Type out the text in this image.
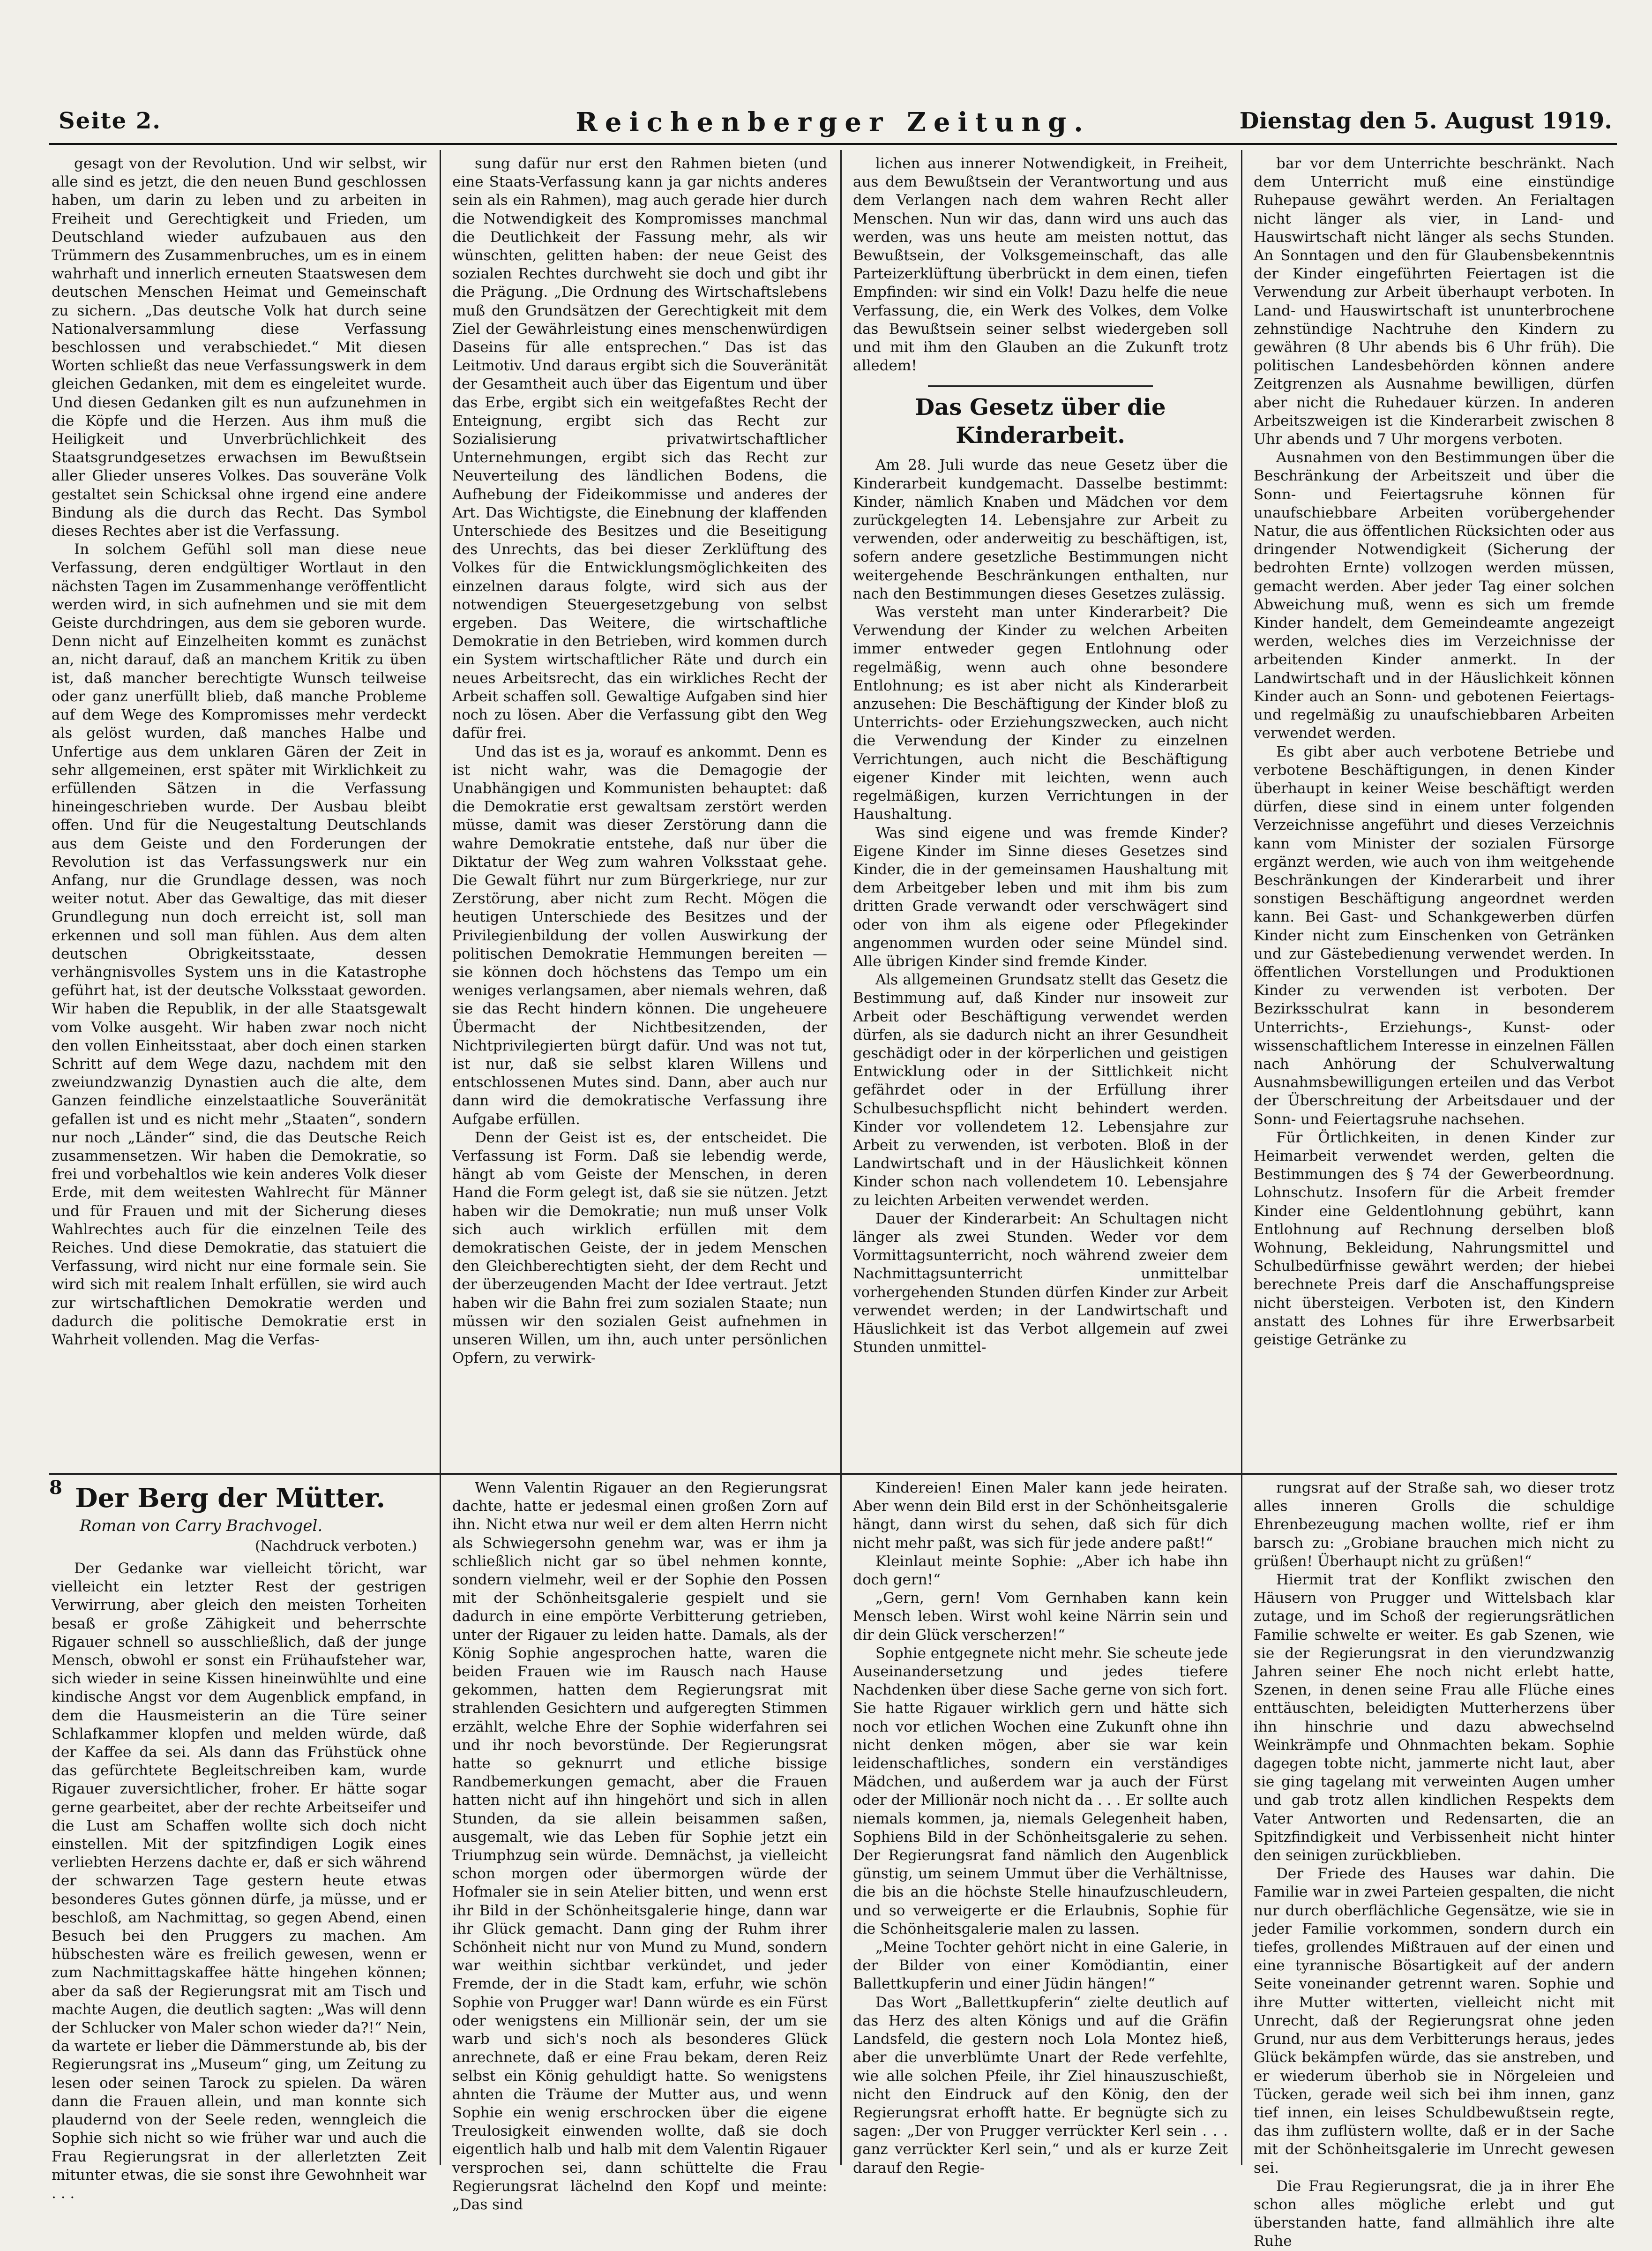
Seite 2.	Reichenberger Zeitung.	Dienstag den 5. August 1919.

gesagt von der Revolution. Und wir selbst, wir alle sind es jetzt, die den neuen Bund geschlossen haben, um darin zu leben und zu arbeiten in Freiheit und Gerechtigkeit und Frieden, um Deutschland wieder aufzubauen aus den Trümmern des Zusammenbruches, um es in einem wahrhaft und innerlich erneuten Staatswesen dem deutschen Menschen Heimat und Gemeinschaft zu sichern. „Das deutsche Volk hat durch seine Nationalversammlung diese Verfassung beschlossen und verabschiedet.“ Mit diesen Worten schließt das neue Verfassungswerk in dem gleichen Gedanken, mit dem es eingeleitet wurde. Und diesen Gedanken gilt es nun aufzunehmen in die Köpfe und die Herzen. Aus ihm muß die Heiligkeit und Unverbrüchlichkeit des Staatsgrundgesetzes erwachsen im Bewußtsein aller Glieder unseres Volkes. Das souveräne Volk gestaltet sein Schicksal ohne irgend eine andere Bindung als die durch das Recht. Das Symbol dieses Rechtes aber ist die Verfassung.

In solchem Gefühl soll man diese neue Verfassung, deren endgültiger Wortlaut in den nächsten Tagen im Zusammenhange veröffentlicht werden wird, in sich aufnehmen und sie mit dem Geiste durchdringen, aus dem sie geboren wurde. Denn nicht auf Einzelheiten kommt es zunächst an, nicht darauf, daß an manchem Kritik zu üben ist, daß mancher berechtigte Wunsch teilweise oder ganz unerfüllt blieb, daß manche Probleme auf dem Wege des Kompromisses mehr verdeckt als gelöst wurden, daß manches Halbe und Unfertige aus dem unklaren Gären der Zeit in sehr allgemeinen, erst später mit Wirklichkeit zu erfüllenden Sätzen in die Verfassung hineingeschrieben wurde. Der Ausbau bleibt offen. Und für die Neugestaltung Deutschlands aus dem Geiste und den Forderungen der Revolution ist das Verfassungswerk nur ein Anfang, nur die Grundlage dessen, was noch weiter notut. Aber das Gewaltige, das mit dieser Grundlegung nun doch erreicht ist, soll man erkennen und soll man fühlen. Aus dem alten deutschen Obrigkeitsstaate, dessen verhängnisvolles System uns in die Katastrophe geführt hat, ist der deutsche Volksstaat geworden. Wir haben die Republik, in der alle Staatsgewalt vom Volke ausgeht. Wir haben zwar noch nicht den vollen Einheitsstaat, aber doch einen starken Schritt auf dem Wege dazu, nachdem mit den zweiundzwanzig Dynastien auch die alte, dem Ganzen feindliche einzelstaatliche Souveränität gefallen ist und es nicht mehr „Staaten“, sondern nur noch „Länder“ sind, die das Deutsche Reich zusammensetzen. Wir haben die Demokratie, so frei und vorbehaltlos wie kein anderes Volk dieser Erde, mit dem weitesten Wahlrecht für Männer und für Frauen und mit der Sicherung dieses Wahlrechtes auch für die einzelnen Teile des Reiches. Und diese Demokratie, das statuiert die Verfassung, wird nicht nur eine formale sein. Sie wird sich mit realem Inhalt erfüllen, sie wird auch zur wirtschaftlichen Demokratie werden und dadurch die politische Demokratie erst in Wahrheit vollenden. Mag die Verfas-

sung dafür nur erst den Rahmen bieten (und eine Staats-Verfassung kann ja gar nichts anderes sein als ein Rahmen), mag auch gerade hier durch die Notwendigkeit des Kompromisses manchmal die Deutlichkeit der Fassung mehr, als wir wünschten, gelitten haben: der neue Geist des sozialen Rechtes durchweht sie doch und gibt ihr die Prägung. „Die Ordnung des Wirtschaftslebens muß den Grundsätzen der Gerechtigkeit mit dem Ziel der Gewährleistung eines menschenwürdigen Daseins für alle entsprechen.“ Das ist das Leitmotiv. Und daraus ergibt sich die Souveränität der Gesamtheit auch über das Eigentum und über das Erbe, ergibt sich ein weitgefaßtes Recht der Enteignung, ergibt sich das Recht zur Sozialisierung privatwirtschaftlicher Unternehmungen, ergibt sich das Recht zur Neuverteilung des ländlichen Bodens, die Aufhebung der Fideikommisse und anderes der Art. Das Wichtigste, die Einebnung der klaffenden Unterschiede des Besitzes und die Beseitigung des Unrechts, das bei dieser Zerklüftung des Volkes für die Entwicklungsmöglichkeiten des einzelnen daraus folgte, wird sich aus der notwendigen Steuergesetzgebung von selbst ergeben. Das Weitere, die wirtschaftliche Demokratie in den Betrieben, wird kommen durch ein System wirtschaftlicher Räte und durch ein neues Arbeitsrecht, das ein wirkliches Recht der Arbeit schaffen soll. Gewaltige Aufgaben sind hier noch zu lösen. Aber die Verfassung gibt den Weg dafür frei.

Und das ist es ja, worauf es ankommt. Denn es ist nicht wahr, was die Demagogie der Unabhängigen und Kommunisten behauptet: daß die Demokratie erst gewaltsam zerstört werden müsse, damit was dieser Zerstörung dann die wahre Demokratie entstehe, daß nur über die Diktatur der Weg zum wahren Volksstaat gehe. Die Gewalt führt nur zum Bürgerkriege, nur zur Zerstörung, aber nicht zum Recht. Mögen die heutigen Unterschiede des Besitzes und der Privilegienbildung der vollen Auswirkung der politischen Demokratie Hemmungen bereiten — sie können doch höchstens das Tempo um ein weniges verlangsamen, aber niemals wehren, daß sie das Recht hindern können. Die ungeheuere Übermacht der Nichtbesitzenden, der Nichtprivilegierten bürgt dafür. Und was not tut, ist nur, daß sie selbst klaren Willens und entschlossenen Mutes sind. Dann, aber auch nur dann wird die demokratische Verfassung ihre Aufgabe erfüllen.

Denn der Geist ist es, der entscheidet. Die Verfassung ist Form. Daß sie lebendig werde, hängt ab vom Geiste der Menschen, in deren Hand die Form gelegt ist, daß sie sie nützen. Jetzt haben wir die Demokratie; nun muß unser Volk sich auch wirklich erfüllen mit dem demokratischen Geiste, der in jedem Menschen den Gleichberechtigten sieht, der dem Recht und der überzeugenden Macht der Idee vertraut. Jetzt haben wir die Bahn frei zum sozialen Staate; nun müssen wir den sozialen Geist aufnehmen in unseren Willen, um ihn, auch unter persönlichen Opfern, zu verwirk-

lichen aus innerer Notwendigkeit, in Freiheit, aus dem Bewußtsein der Verantwortung und aus dem Verlangen nach dem wahren Recht aller Menschen. Nun wir das, dann wird uns auch das werden, was uns heute am meisten nottut, das Bewußtsein, der Volksgemeinschaft, das alle Parteizerklüftung überbrückt in dem einen, tiefen Empfinden: wir sind ein Volk! Dazu helfe die neue Verfassung, die, ein Werk des Volkes, dem Volke das Bewußtsein seiner selbst wiedergeben soll und mit ihm den Glauben an die Zukunft trotz alledem!

Das Gesetz über die Kinderarbeit.

Am 28. Juli wurde das neue Gesetz über die Kinderarbeit kundgemacht. Dasselbe bestimmt: Kinder, nämlich Knaben und Mädchen vor dem zurückgelegten 14. Lebensjahre zur Arbeit zu verwenden, oder anderweitig zu beschäftigen, ist, sofern andere gesetzliche Bestimmungen nicht weitergehende Beschränkungen enthalten, nur nach den Bestimmungen dieses Gesetzes zulässig.

Was versteht man unter Kinderarbeit? Die Verwendung der Kinder zu welchen Arbeiten immer entweder gegen Entlohnung oder regelmäßig, wenn auch ohne besondere Entlohnung; es ist aber nicht als Kinderarbeit anzusehen: Die Beschäftigung der Kinder bloß zu Unterrichts- oder Erziehungszwecken, auch nicht die Verwendung der Kinder zu einzelnen Verrichtungen, auch nicht die Beschäftigung eigener Kinder mit leichten, wenn auch regelmäßigen, kurzen Verrichtungen in der Haushaltung.

Was sind eigene und was fremde Kinder? Eigene Kinder im Sinne dieses Gesetzes sind Kinder, die in der gemeinsamen Haushaltung mit dem Arbeitgeber leben und mit ihm bis zum dritten Grade verwandt oder verschwägert sind oder von ihm als eigene oder Pflegekinder angenommen wurden oder seine Mündel sind. Alle übrigen Kinder sind fremde Kinder.

Als allgemeinen Grundsatz stellt das Gesetz die Bestimmung auf, daß Kinder nur insoweit zur Arbeit oder Beschäftigung verwendet werden dürfen, als sie dadurch nicht an ihrer Gesundheit geschädigt oder in der körperlichen und geistigen Entwicklung oder in der Sittlichkeit nicht gefährdet oder in der Erfüllung ihrer Schulbesuchspflicht nicht behindert werden. Kinder vor vollendetem 12. Lebensjahre zur Arbeit zu verwenden, ist verboten. Bloß in der Landwirtschaft und in der Häuslichkeit können Kinder schon nach vollendetem 10. Lebensjahre zu leichten Arbeiten verwendet werden.

Dauer der Kinderarbeit: An Schultagen nicht länger als zwei Stunden. Weder vor dem Vormittagsunterricht, noch während zweier dem Nachmittagsunterricht unmittelbar vorhergehenden Stunden dürfen Kinder zur Arbeit verwendet werden; in der Landwirtschaft und Häuslichkeit ist das Verbot allgemein auf zwei Stunden unmittel-

bar vor dem Unterrichte beschränkt. Nach dem Unterricht muß eine einstündige Ruhepause gewährt werden. An Ferialtagen nicht länger als vier, in Land- und Hauswirtschaft nicht länger als sechs Stunden. An Sonntagen und den für Glaubensbekenntnis der Kinder eingeführten Feiertagen ist die Verwendung zur Arbeit überhaupt verboten. In Land- und Hauswirtschaft ist ununterbrochene zehnstündige Nachtruhe den Kindern zu gewähren (8 Uhr abends bis 6 Uhr früh). Die politischen Landesbehörden können andere Zeitgrenzen als Ausnahme bewilligen, dürfen aber nicht die Ruhedauer kürzen. In anderen Arbeitszweigen ist die Kinderarbeit zwischen 8 Uhr abends und 7 Uhr morgens verboten.

Ausnahmen von den Bestimmungen über die Beschränkung der Arbeitszeit und über die Sonn- und Feiertagsruhe können für unaufschiebbare Arbeiten vorübergehender Natur, die aus öffentlichen Rücksichten oder aus dringender Notwendigkeit (Sicherung der bedrohten Ernte) vollzogen werden müssen, gemacht werden. Aber jeder Tag einer solchen Abweichung muß, wenn es sich um fremde Kinder handelt, dem Gemeindeamte angezeigt werden, welches dies im Verzeichnisse der arbeitenden Kinder anmerkt. In der Landwirtschaft und in der Häuslichkeit können Kinder auch an Sonn- und gebotenen Feiertags- und regelmäßig zu unaufschiebbaren Arbeiten verwendet werden.

Es gibt aber auch verbotene Betriebe und verbotene Beschäftigungen, in denen Kinder überhaupt in keiner Weise beschäftigt werden dürfen, diese sind in einem unter folgenden Verzeichnisse angeführt und dieses Verzeichnis kann vom Minister der sozialen Fürsorge ergänzt werden, wie auch von ihm weitgehende Beschränkungen der Kinderarbeit und ihrer sonstigen Beschäftigung angeordnet werden kann. Bei Gast- und Schankgewerben dürfen Kinder nicht zum Einschenken von Getränken und zur Gästebedienung verwendet werden. In öffentlichen Vorstellungen und Produktionen Kinder zu verwenden ist verboten. Der Bezirksschulrat kann in besonderem Unterrichts-, Erziehungs-, Kunst- oder wissenschaftlichem Interesse in einzelnen Fällen nach Anhörung der Schulverwaltung Ausnahmsbewilligungen erteilen und das Verbot der Überschreitung der Arbeitsdauer und der Sonn- und Feiertagsruhe nachsehen.

Für Örtlichkeiten, in denen Kinder zur Heimarbeit verwendet werden, gelten die Bestimmungen des § 74 der Gewerbeordnung. Lohnschutz. Insofern für die Arbeit fremder Kinder eine Geldentlohnung gebührt, kann Entlohnung auf Rechnung derselben bloß Wohnung, Bekleidung, Nahrungsmittel und Schulbedürfnisse gewährt werden; der hiebei berechnete Preis darf die Anschaffungspreise nicht übersteigen. Verboten ist, den Kindern anstatt des Lohnes für ihre Erwerbsarbeit geistige Getränke zu

8 Der Berg der Mütter.
Roman von Carry Brachvogel.
(Nachdruck verboten.)

Der Gedanke war vielleicht töricht, war vielleicht ein letzter Rest der gestrigen Verwirrung, aber gleich den meisten Torheiten besaß er große Zähigkeit und beherrschte Rigauer schnell so ausschließlich, daß der junge Mensch, obwohl er sonst ein Frühaufsteher war, sich wieder in seine Kissen hineinwühlte und eine kindische Angst vor dem Augenblick empfand, in dem die Hausmeisterin an die Türe seiner Schlafkammer klopfen und melden würde, daß der Kaffee da sei. Als dann das Frühstück ohne das gefürchtete Begleitschreiben kam, wurde Rigauer zuversichtlicher, froher. Er hätte sogar gerne gearbeitet, aber der rechte Arbeitseifer und die Lust am Schaffen wollte sich doch nicht einstellen. Mit der spitzfindigen Logik eines verliebten Herzens dachte er, daß er sich während der schwarzen Tage gestern heute etwas besonderes Gutes gönnen dürfe, ja müsse, und er beschloß, am Nachmittag, so gegen Abend, einen Besuch bei den Pruggers zu machen. Am hübschesten wäre es freilich gewesen, wenn er zum Nachmittagskaffee hätte hingehen können; aber da saß der Regierungsrat mit am Tisch und machte Augen, die deutlich sagten: „Was will denn der Schlucker von Maler schon wieder da?!“ Nein, da wartete er lieber die Dämmerstunde ab, bis der Regierungsrat ins „Museum“ ging, um Zeitung zu lesen oder seinen Tarock zu spielen. Da wären dann die Frauen allein, und man konnte sich plaudernd von der Seele reden, wenngleich die Sophie sich nicht so wie früher war und auch die Frau Regierungsrat in der allerletzten Zeit mitunter etwas, die sie sonst ihre Gewohnheit war . . .

Wenn Valentin Rigauer an den Regierungsrat dachte, hatte er jedesmal einen großen Zorn auf ihn. Nicht etwa nur weil er dem alten Herrn nicht als Schwiegersohn genehm war, was er ihm ja schließlich nicht gar so übel nehmen konnte, sondern vielmehr, weil er der Sophie den Possen mit der Schönheitsgalerie gespielt und sie dadurch in eine empörte Verbitterung getrieben, unter der Rigauer zu leiden hatte. Damals, als der König Sophie angesprochen hatte, waren die beiden Frauen wie im Rausch nach Hause gekommen, hatten dem Regierungsrat mit strahlenden Gesichtern und aufgeregten Stimmen erzählt, welche Ehre der Sophie widerfahren sei und ihr noch bevorstünde. Der Regierungsrat hatte so geknurrt und etliche bissige Randbemerkungen gemacht, aber die Frauen hatten nicht auf ihn hingehört und sich in allen Stunden, da sie allein beisammen saßen, ausgemalt, wie das Leben für Sophie jetzt ein Triumphzug sein würde. Demnächst, ja vielleicht schon morgen oder übermorgen würde der Hofmaler sie in sein Atelier bitten, und wenn erst ihr Bild in der Schönheitsgalerie hinge, dann war ihr Glück gemacht. Dann ging der Ruhm ihrer Schönheit nicht nur von Mund zu Mund, sondern war weithin sichtbar verkündet, und jeder Fremde, der in die Stadt kam, erfuhr, wie schön Sophie von Prugger war! Dann würde es ein Fürst oder wenigstens ein Millionär sein, der um sie warb und sich's noch als besonderes Glück anrechnete, daß er eine Frau bekam, deren Reiz selbst ein König gehuldigt hatte. So wenigstens ahnten die Träume der Mutter aus, und wenn Sophie ein wenig erschrocken über die eigene Treulosigkeit einwenden wollte, daß sie doch eigentlich halb und halb mit dem Valentin Rigauer versprochen sei, dann schüttelte die Frau Regierungsrat lächelnd den Kopf und meinte: „Das sind

Kindereien! Einen Maler kann jede heiraten. Aber wenn dein Bild erst in der Schönheitsgalerie hängt, dann wirst du sehen, daß sich für dich nicht mehr paßt, was sich für jede andere paßt!“

Kleinlaut meinte Sophie: „Aber ich habe ihn doch gern!“

„Gern, gern! Vom Gernhaben kann kein Mensch leben. Wirst wohl keine Närrin sein und dir dein Glück verscherzen!“

Sophie entgegnete nicht mehr. Sie scheute jede Auseinandersetzung und jedes tiefere Nachdenken über diese Sache gerne von sich fort. Sie hatte Rigauer wirklich gern und hätte sich noch vor etlichen Wochen eine Zukunft ohne ihn nicht denken mögen, aber sie war kein leidenschaftliches, sondern ein verständiges Mädchen, und außerdem war ja auch der Fürst oder der Millionär noch nicht da . . . Er sollte auch niemals kommen, ja, niemals Gelegenheit haben, Sophiens Bild in der Schönheitsgalerie zu sehen. Der Regierungsrat fand nämlich den Augenblick günstig, um seinem Ummut über die Verhältnisse, die bis an die höchste Stelle hinaufzuschleudern, und so verweigerte er die Erlaubnis, Sophie für die Schönheitsgalerie malen zu lassen.

„Meine Tochter gehört nicht in eine Galerie, in der Bilder von einer Komödiantin, einer Ballettkupferin und einer Jüdin hängen!“

Das Wort „Ballettkupferin“ zielte deutlich auf das Herz des alten Königs und auf die Gräfin Landsfeld, die gestern noch Lola Montez hieß, aber die unverblümte Unart der Rede verfehlte, wie alle solchen Pfeile, ihr Ziel hinauszuschießt, nicht den Eindruck auf den König, den der Regierungsrat erhofft hatte. Er begnügte sich zu sagen: „Der von Prugger verrückter Kerl sein . . . ganz verrückter Kerl sein,“ und als er kurze Zeit darauf den Regie-

rungsrat auf der Straße sah, wo dieser trotz alles inneren Grolls die schuldige Ehrenbezeugung machen wollte, rief er ihm barsch zu: „Grobiane brauchen mich nicht zu grüßen! Überhaupt nicht zu grüßen!“

Hiermit trat der Konflikt zwischen den Häusern von Prugger und Wittelsbach klar zutage, und im Schoß der regierungsrätlichen Familie schwelte er weiter. Es gab Szenen, wie sie der Regierungsrat in den vierundzwanzig Jahren seiner Ehe noch nicht erlebt hatte, Szenen, in denen seine Frau alle Flüche eines enttäuschten, beleidigten Mutterherzens über ihn hinschrie und dazu abwechselnd Weinkrämpfe und Ohnmachten bekam. Sophie dagegen tobte nicht, jammerte nicht laut, aber sie ging tagelang mit verweinten Augen umher und gab trotz allen kindlichen Respekts dem Vater Antworten und Redensarten, die an Spitzfindigkeit und Verbissenheit nicht hinter den seinigen zurückblieben.

Der Friede des Hauses war dahin. Die Familie war in zwei Parteien gespalten, die nicht nur durch oberflächliche Gegensätze, wie sie in jeder Familie vorkommen, sondern durch ein tiefes, grollendes Mißtrauen auf der einen und eine tyrannische Bösartigkeit auf der andern Seite voneinander getrennt waren. Sophie und ihre Mutter witterten, vielleicht nicht mit Unrecht, daß der Regierungsrat ohne jeden Grund, nur aus dem Verbitterungs heraus, jedes Glück bekämpfen würde, das sie anstreben, und er wiederum überhob sie in Nörgeleien und Tücken, gerade weil sich bei ihm innen, ganz tief innen, ein leises Schuldbewußtsein regte, das ihm zuflüstern wollte, daß er in der Sache mit der Schönheitsgalerie im Unrecht gewesen sei.

Die Frau Regierungsrat, die ja in ihrer Ehe schon alles mögliche erlebt und gut überstanden hatte, fand allmählich ihre alte Ruhe
